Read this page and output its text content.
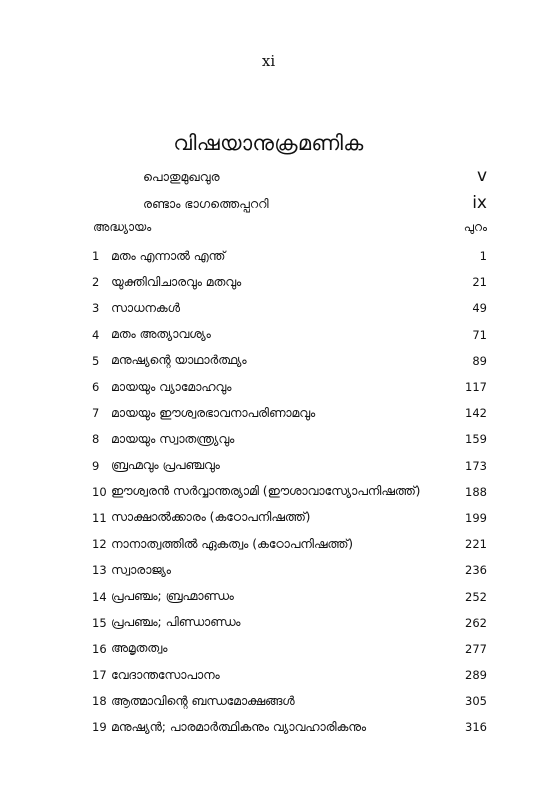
xi
വിഷയാനുക്രമണിക
പൊതുമുഖവുര	v
രണ്ടാം ഭാഗത്തെപ്പററി	ix
അദ്ധ്യായം	പുറം
1 മതം എന്നാൽ എന്ത്	1
2 യുക്തിവിചാരവും മതവും	21
3 സാധനകൾ	49
4 മതം അത്യാവശ്യം	71
5 മനുഷ്യന്റെ യാഥാർത്ഥ്യം	89
6 മായയും വ്യാമോഹവും	117
7 മായയും ഈശ്വരഭാവനാപരിണാമവും	142
8 മായയും സ്വാതന്ത്ര്യവും	159
9 ബ്രഹ്മവും പ്രപഞ്ചവും	173
10 ഈശ്വരൻ സർവ്വാന്തര്യാമി (ഈശാവാസ്യോപനിഷത്ത്)	188
11 സാക്ഷാൽക്കാരം (കഠോപനിഷത്ത്)	199
12 നാനാത്വത്തിൽ ഏകത്വം (കഠോപനിഷത്ത്)	221
13 സ്വാരാജ്യം	236
14 പ്രപഞ്ചം; ബ്രഹ്മാണ്ഡം	252
15 പ്രപഞ്ചം; പിണ്ഡാണ്ഡം	262
16 അമൃതത്വം	277
17 വേദാന്തസോപാനം	289
18 ആത്മാവിന്റെ ബന്ധമോക്ഷങ്ങൾ	305
19 മനുഷ്യൻ; പാരമാർത്ഥികനും വ്യാവഹാരികനും	316
